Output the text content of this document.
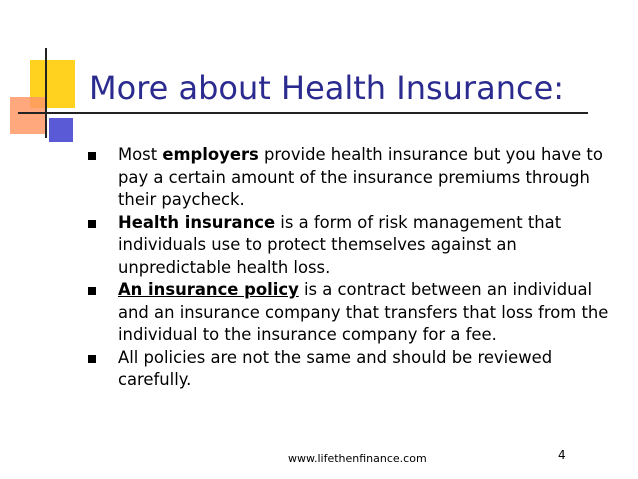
More about Health Insurance:
Most employers provide health insurance but you have to pay a certain amount of the insurance premiums through their paycheck.
Health insurance is a form of risk management that individuals use to protect themselves against an unpredictable health loss.
An insurance policy is a contract between an individual and an insurance company that transfers that loss from the individual to the insurance company for a fee.
All policies are not the same and should be reviewed carefully.
www.lifethenfinance.com	4
